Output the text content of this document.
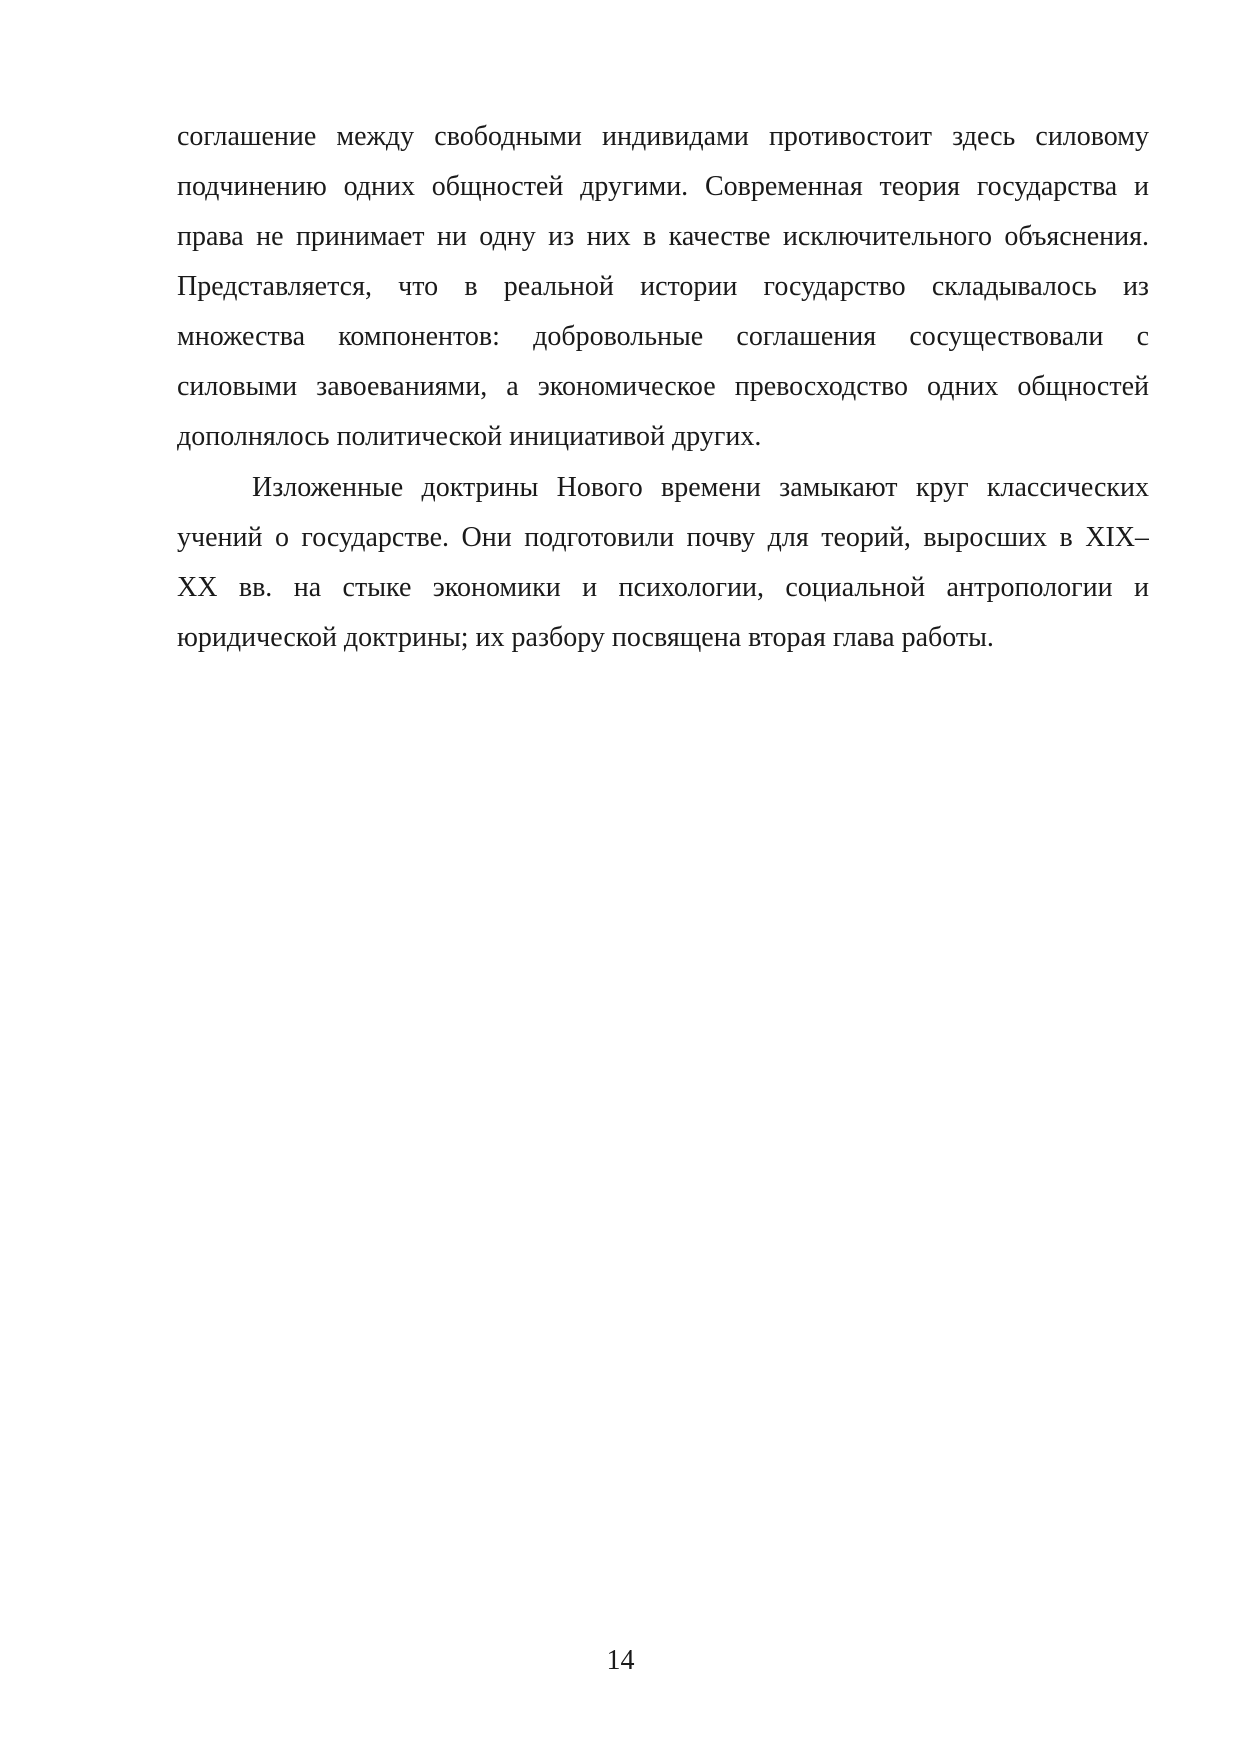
соглашение между свободными индивидами противостоит здесь силовому
подчинению одних общностей другими. Современная теория государства и
права не принимает ни одну из них в качестве исключительного объяснения.
Представляется, что в реальной истории государство складывалось из
множества компонентов: добровольные соглашения сосуществовали с
силовыми завоеваниями, а экономическое превосходство одних общностей
дополнялось политической инициативой других.
Изложенные доктрины Нового времени замыкают круг классических
учений о государстве. Они подготовили почву для теорий, выросших в XIX–
XX вв. на стыке экономики и психологии, социальной антропологии и
юридической доктрины; их разбору посвящена вторая глава работы.
14
